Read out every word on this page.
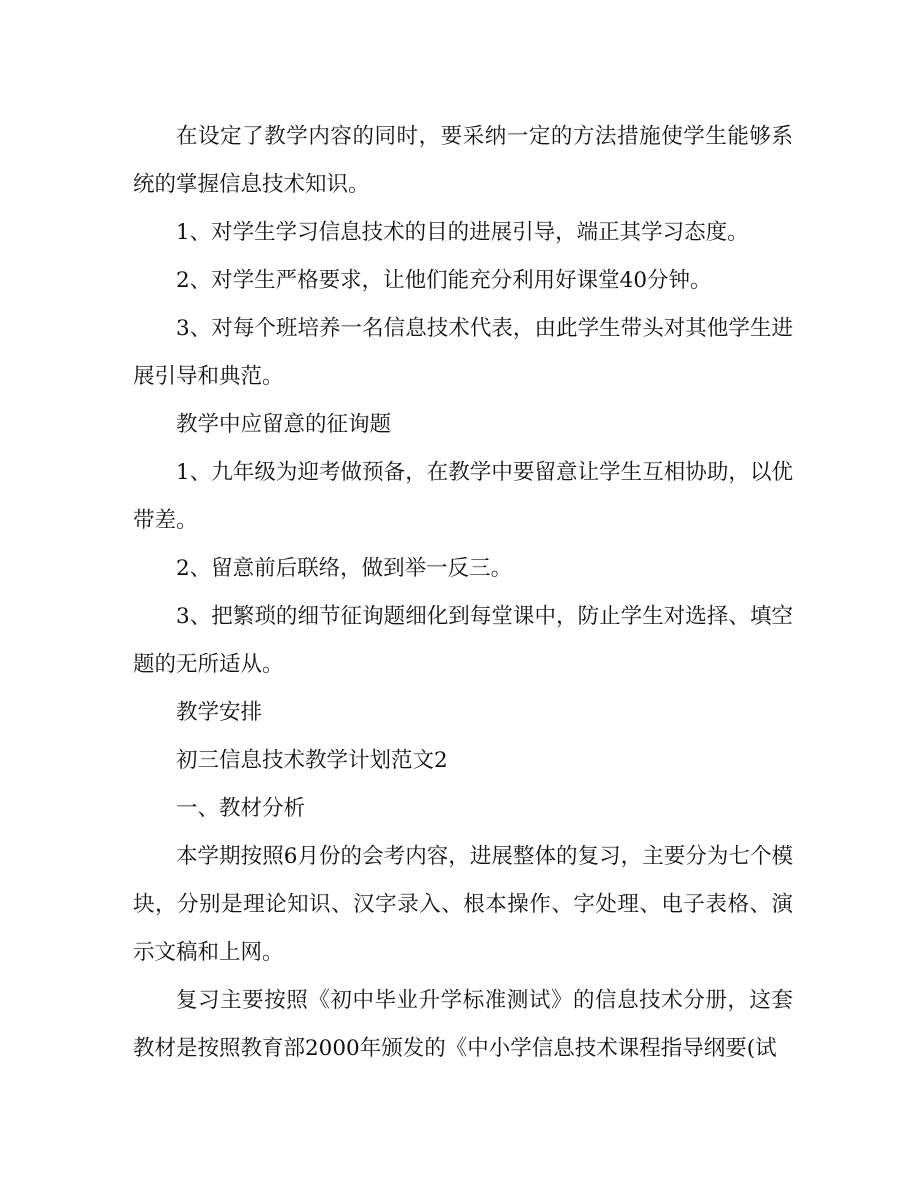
在设定了教学内容的同时，要采纳一定的方法措施使学生能够系统的掌握信息技术知识。

1、对学生学习信息技术的目的进展引导，端正其学习态度。

2、对学生严格要求，让他们能充分利用好课堂40分钟。

3、对每个班培养一名信息技术代表，由此学生带头对其他学生进展引导和典范。

教学中应留意的征询题

1、九年级为迎考做预备，在教学中要留意让学生互相协助，以优带差。

2、留意前后联络，做到举一反三。

3、把繁琐的细节征询题细化到每堂课中，防止学生对选择、填空题的无所适从。

教学安排

初三信息技术教学计划范文2

一、教材分析

本学期按照6月份的会考内容，进展整体的复习，主要分为七个模块，分别是理论知识、汉字录入、根本操作、字处理、电子表格、演示文稿和上网。

复习主要按照《初中毕业升学标准测试》的信息技术分册，这套教材是按照教育部2000年颁发的《中小学信息技术课程指导纲要(试
